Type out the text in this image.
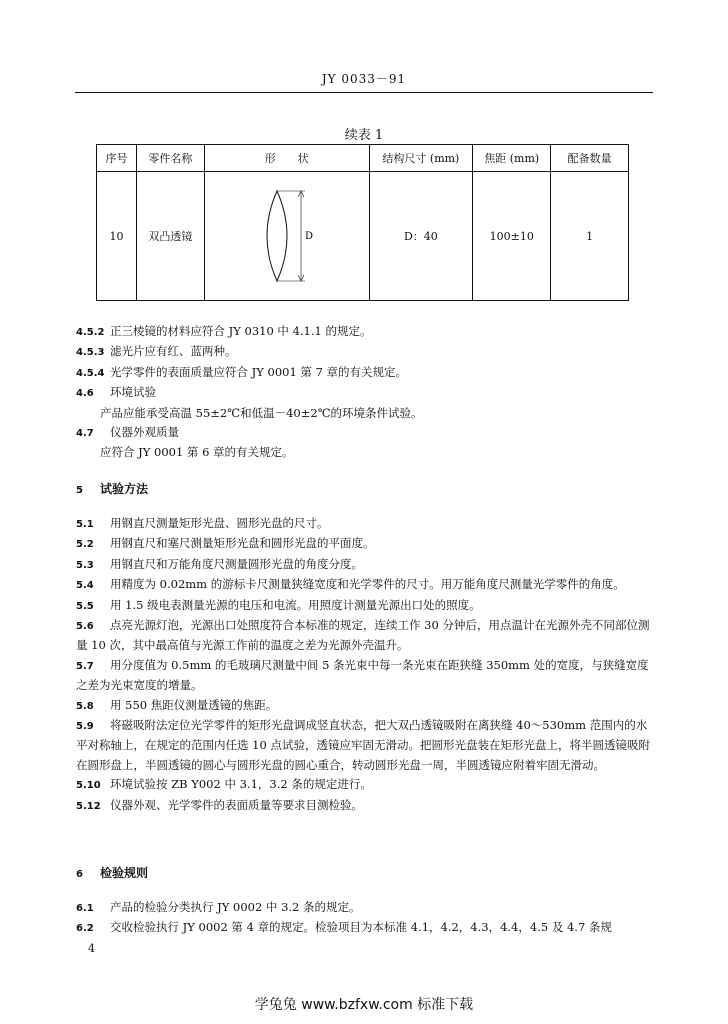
JY 0033－91
续表 1
序号	零件名称	形　　状	结构尺寸 (mm)	焦距 (mm)	配备数量
10	双凸透镜	D	D：40	100±10	1
4.5.2 正三棱镜的材料应符合 JY 0310 中 4.1.1 的规定。
4.5.3 滤光片应有红、蓝两种。
4.5.4 光学零件的表面质量应符合 JY 0001 第 7 章的有关规定。
4.6 环境试验
产品应能承受高温 55±2℃和低温－40±2℃的环境条件试验。
4.7 仪器外观质量
应符合 JY 0001 第 6 章的有关规定。
5 试验方法
5.1 用钢直尺测量矩形光盘、圆形光盘的尺寸。
5.2 用钢直尺和塞尺测量矩形光盘和圆形光盘的平面度。
5.3 用钢直尺和万能角度尺测量圆形光盘的角度分度。
5.4 用精度为 0.02mm 的游标卡尺测量狭缝宽度和光学零件的尺寸。用万能角度尺测量光学零件的角度。
5.5 用 1.5 级电表测量光源的电压和电流。用照度计测量光源出口处的照度。
5.6 点亮光源灯泡，光源出口处照度符合本标准的规定，连续工作 30 分钟后，用点温计在光源外壳不同部位测量 10 次，其中最高值与光源工作前的温度之差为光源外壳温升。
5.7 用分度值为 0.5mm 的毛玻璃尺测量中间 5 条光束中每一条光束在距狭缝 350mm 处的宽度，与狭缝宽度之差为光束宽度的增量。
5.8 用 550 焦距仪测量透镜的焦距。
5.9 将磁吸附法定位光学零件的矩形光盘调成竖直状态，把大双凸透镜吸附在离狭缝 40～530mm 范围内的水平对称轴上，在规定的范围内任选 10 点试验，透镜应牢固无滑动。把圆形光盘装在矩形光盘上，将半圆透镜吸附在圆形盘上，半圆透镜的圆心与圆形光盘的圆心重合，转动圆形光盘一周，半圆透镜应附着牢固无滑动。
5.10 环境试验按 ZB Y002 中 3.1，3.2 条的规定进行。
5.12 仪器外观、光学零件的表面质量等要求目测检验。
6 检验规则
6.1 产品的检验分类执行 JY 0002 中 3.2 条的规定。
6.2 交收检验执行 JY 0002 第 4 章的规定。检验项目为本标准 4.1，4.2，4.3，4.4，4.5 及 4.7 条规
4
学兔兔 www.bzfxw.com 标准下载
